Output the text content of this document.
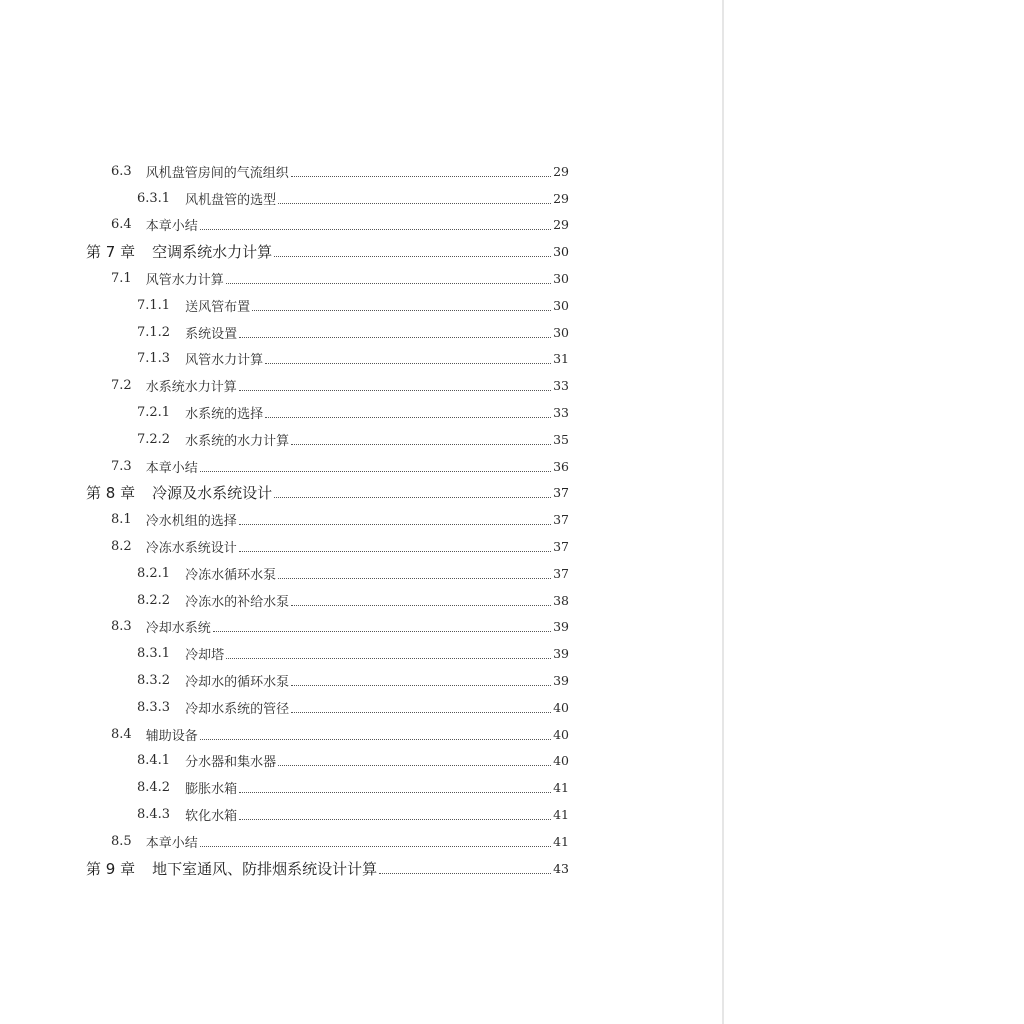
6.3 风机盘管房间的气流组织	29
6.3.1 风机盘管的选型	29
6.4 本章小结	29
第 7 章 空调系统水力计算	30
7.1 风管水力计算	30
7.1.1 送风管布置	30
7.1.2 系统设置	30
7.1.3 风管水力计算	31
7.2 水系统水力计算	33
7.2.1 水系统的选择	33
7.2.2 水系统的水力计算	35
7.3 本章小结	36
第 8 章 冷源及水系统设计	37
8.1 冷水机组的选择	37
8.2 冷冻水系统设计	37
8.2.1 冷冻水循环水泵	37
8.2.2 冷冻水的补给水泵	38
8.3 冷却水系统	39
8.3.1 冷却塔	39
8.3.2 冷却水的循环水泵	39
8.3.3 冷却水系统的管径	40
8.4 辅助设备	40
8.4.1 分水器和集水器	40
8.4.2 膨胀水箱	41
8.4.3 软化水箱	41
8.5 本章小结	41
第 9 章 地下室通风、防排烟系统设计计算	43
